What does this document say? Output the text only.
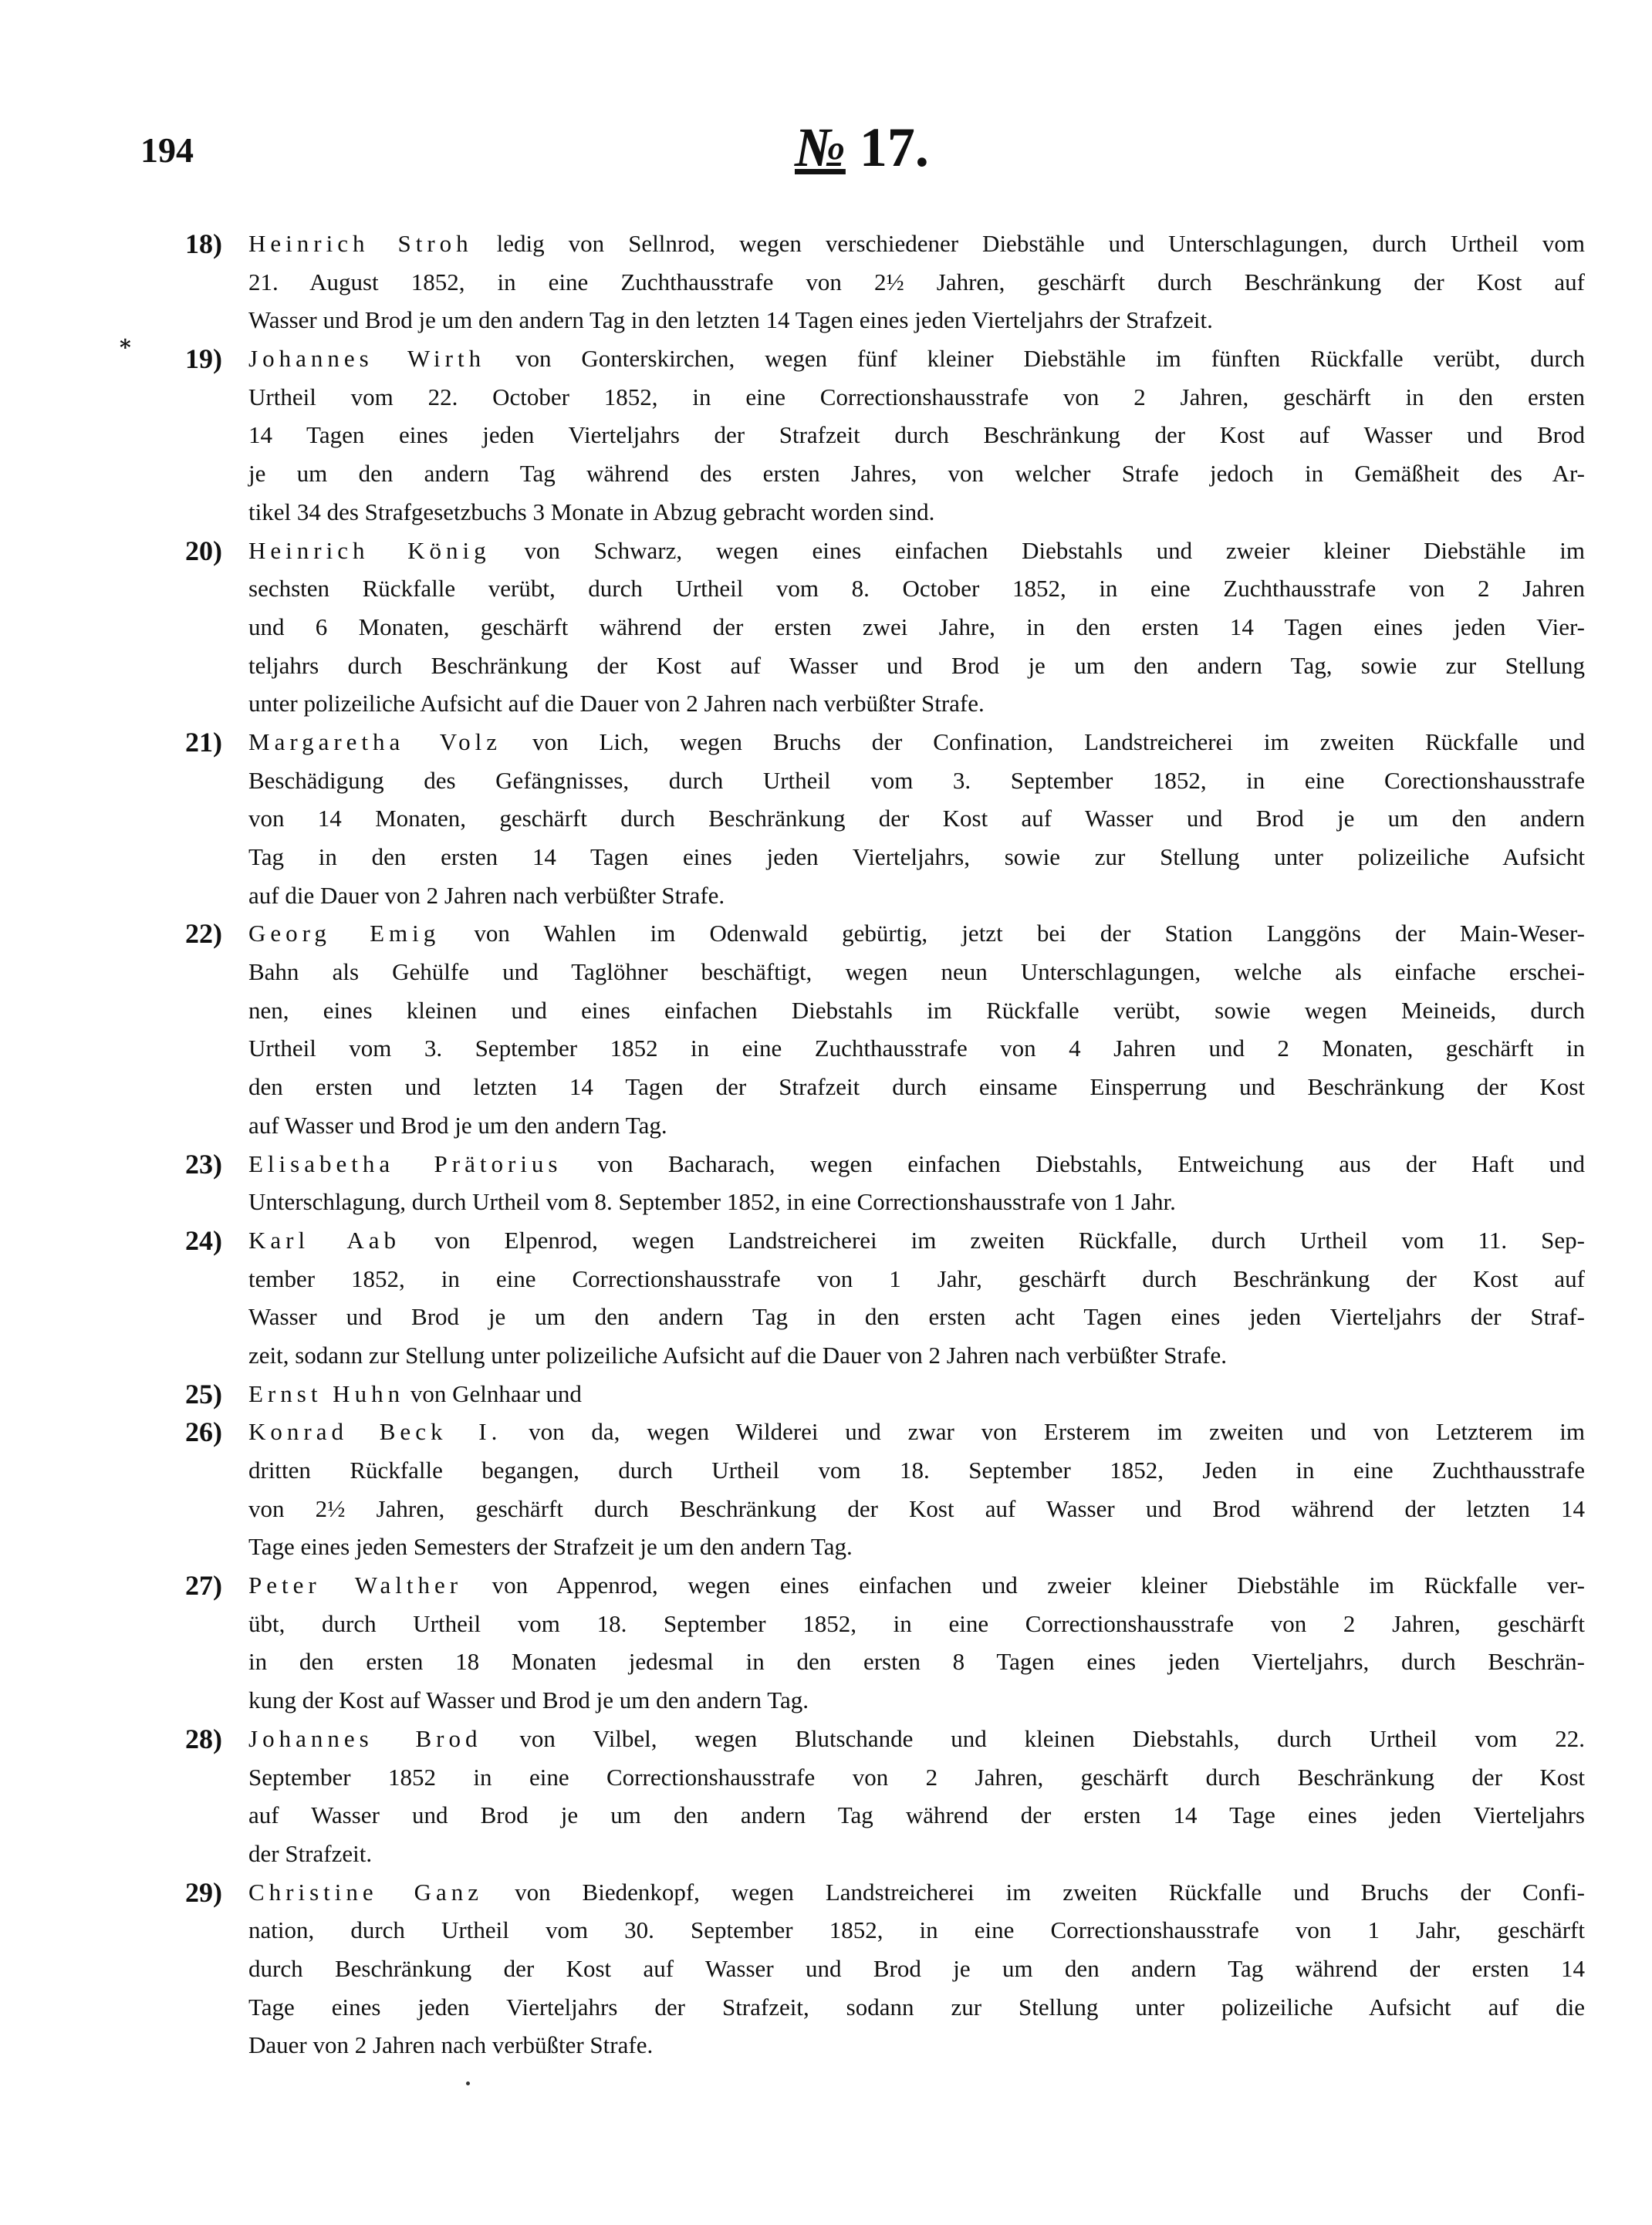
194	№ 17.
18) Heinrich Stroh ledig von Sellnrod, wegen verschiedener Diebstähle und Unterschlagungen, durch Urtheil vom
21. August 1852, in eine Zuchthausstrafe von 2½ Jahren, geschärft durch Beschränkung der Kost auf
Wasser und Brod je um den andern Tag in den letzten 14 Tagen eines jeden Vierteljahrs der Strafzeit.
*	19) Johannes Wirth von Gonterskirchen, wegen fünf kleiner Diebstähle im fünften Rückfalle verübt, durch
Urtheil vom 22. October 1852, in eine Correctionshausstrafe von 2 Jahren, geschärft in den ersten
14 Tagen eines jeden Vierteljahrs der Strafzeit durch Beschränkung der Kost auf Wasser und Brod
je um den andern Tag während des ersten Jahres, von welcher Strafe jedoch in Gemäßheit des Ar-
tikel 34 des Strafgesetzbuchs 3 Monate in Abzug gebracht worden sind.
20) Heinrich König von Schwarz, wegen eines einfachen Diebstahls und zweier kleiner Diebstähle im
sechsten Rückfalle verübt, durch Urtheil vom 8. October 1852, in eine Zuchthausstrafe von 2 Jahren
und 6 Monaten, geschärft während der ersten zwei Jahre, in den ersten 14 Tagen eines jeden Vier-
teljahrs durch Beschränkung der Kost auf Wasser und Brod je um den andern Tag, sowie zur Stellung
unter polizeiliche Aufsicht auf die Dauer von 2 Jahren nach verbüßter Strafe.
21) Margaretha Volz von Lich, wegen Bruchs der Confination, Landstreicherei im zweiten Rückfalle und
Beschädigung des Gefängnisses, durch Urtheil vom 3. September 1852, in eine Corectionshausstrafe
von 14 Monaten, geschärft durch Beschränkung der Kost auf Wasser und Brod je um den andern
Tag in den ersten 14 Tagen eines jeden Vierteljahrs, sowie zur Stellung unter polizeiliche Aufsicht
auf die Dauer von 2 Jahren nach verbüßter Strafe.
22) Georg Emig von Wahlen im Odenwald gebürtig, jetzt bei der Station Langgöns der Main-Weser-
Bahn als Gehülfe und Taglöhner beschäftigt, wegen neun Unterschlagungen, welche als einfache erschei-
nen, eines kleinen und eines einfachen Diebstahls im Rückfalle verübt, sowie wegen Meineids, durch
Urtheil vom 3. September 1852 in eine Zuchthausstrafe von 4 Jahren und 2 Monaten, geschärft in
den ersten und letzten 14 Tagen der Strafzeit durch einsame Einsperrung und Beschränkung der Kost
auf Wasser und Brod je um den andern Tag.
23) Elisabetha Prätorius von Bacharach, wegen einfachen Diebstahls, Entweichung aus der Haft und
Unterschlagung, durch Urtheil vom 8. September 1852, in eine Correctionshausstrafe von 1 Jahr.
24) Karl Aab von Elpenrod, wegen Landstreicherei im zweiten Rückfalle, durch Urtheil vom 11. Sep-
tember 1852, in eine Correctionshausstrafe von 1 Jahr, geschärft durch Beschränkung der Kost auf
Wasser und Brod je um den andern Tag in den ersten acht Tagen eines jeden Vierteljahrs der Straf-
zeit, sodann zur Stellung unter polizeiliche Aufsicht auf die Dauer von 2 Jahren nach verbüßter Strafe.
25) Ernst Huhn von Gelnhaar und
26) Konrad Beck I. von da, wegen Wilderei und zwar von Ersterem im zweiten und von Letzterem im
dritten Rückfalle begangen, durch Urtheil vom 18. September 1852, Jeden in eine Zuchthausstrafe
von 2½ Jahren, geschärft durch Beschränkung der Kost auf Wasser und Brod während der letzten 14
Tage eines jeden Semesters der Strafzeit je um den andern Tag.
27) Peter Walther von Appenrod, wegen eines einfachen und zweier kleiner Diebstähle im Rückfalle ver-
übt, durch Urtheil vom 18. September 1852, in eine Correctionshausstrafe von 2 Jahren, geschärft
in den ersten 18 Monaten jedesmal in den ersten 8 Tagen eines jeden Vierteljahrs, durch Beschrän-
kung der Kost auf Wasser und Brod je um den andern Tag.
28) Johannes Brod von Vilbel, wegen Blutschande und kleinen Diebstahls, durch Urtheil vom 22.
September 1852 in eine Correctionshausstrafe von 2 Jahren, geschärft durch Beschränkung der Kost
auf Wasser und Brod je um den andern Tag während der ersten 14 Tage eines jeden Vierteljahrs
der Strafzeit.
29) Christine Ganz von Biedenkopf, wegen Landstreicherei im zweiten Rückfalle und Bruchs der Confi-
nation, durch Urtheil vom 30. September 1852, in eine Correctionshausstrafe von 1 Jahr, geschärft
durch Beschränkung der Kost auf Wasser und Brod je um den andern Tag während der ersten 14
Tage eines jeden Vierteljahrs der Strafzeit, sodann zur Stellung unter polizeiliche Aufsicht auf die
Dauer von 2 Jahren nach verbüßter Strafe.
